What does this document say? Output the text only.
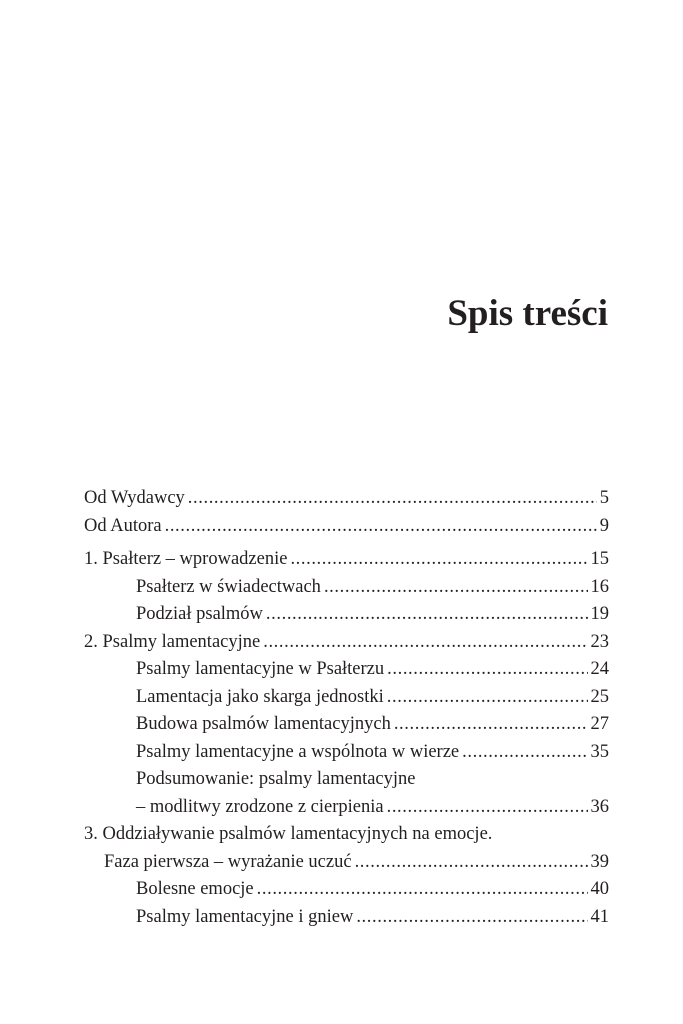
Spis treści
Od Wydawcy .....	5
Od Autora .....	9
1. Psałterz – wprowadzenie .....	15
Psałterz w świadectwach .....	16
Podział psalmów .....	19
2. Psalmy lamentacyjne .....	23
Psalmy lamentacyjne w Psałterzu .....	24
Lamentacja jako skarga jednostki .....	25
Budowa psalmów lamentacyjnych .....	27
Psalmy lamentacyjne a wspólnota w wierze .....	35
Podsumowanie: psalmy lamentacyjne
– modlitwy zrodzone z cierpienia .....	36
3. Oddziaływanie psalmów lamentacyjnych na emocje.
Faza pierwsza – wyrażanie uczuć .....	39
Bolesne emocje .....	40
Psalmy lamentacyjne i gniew .....	41
